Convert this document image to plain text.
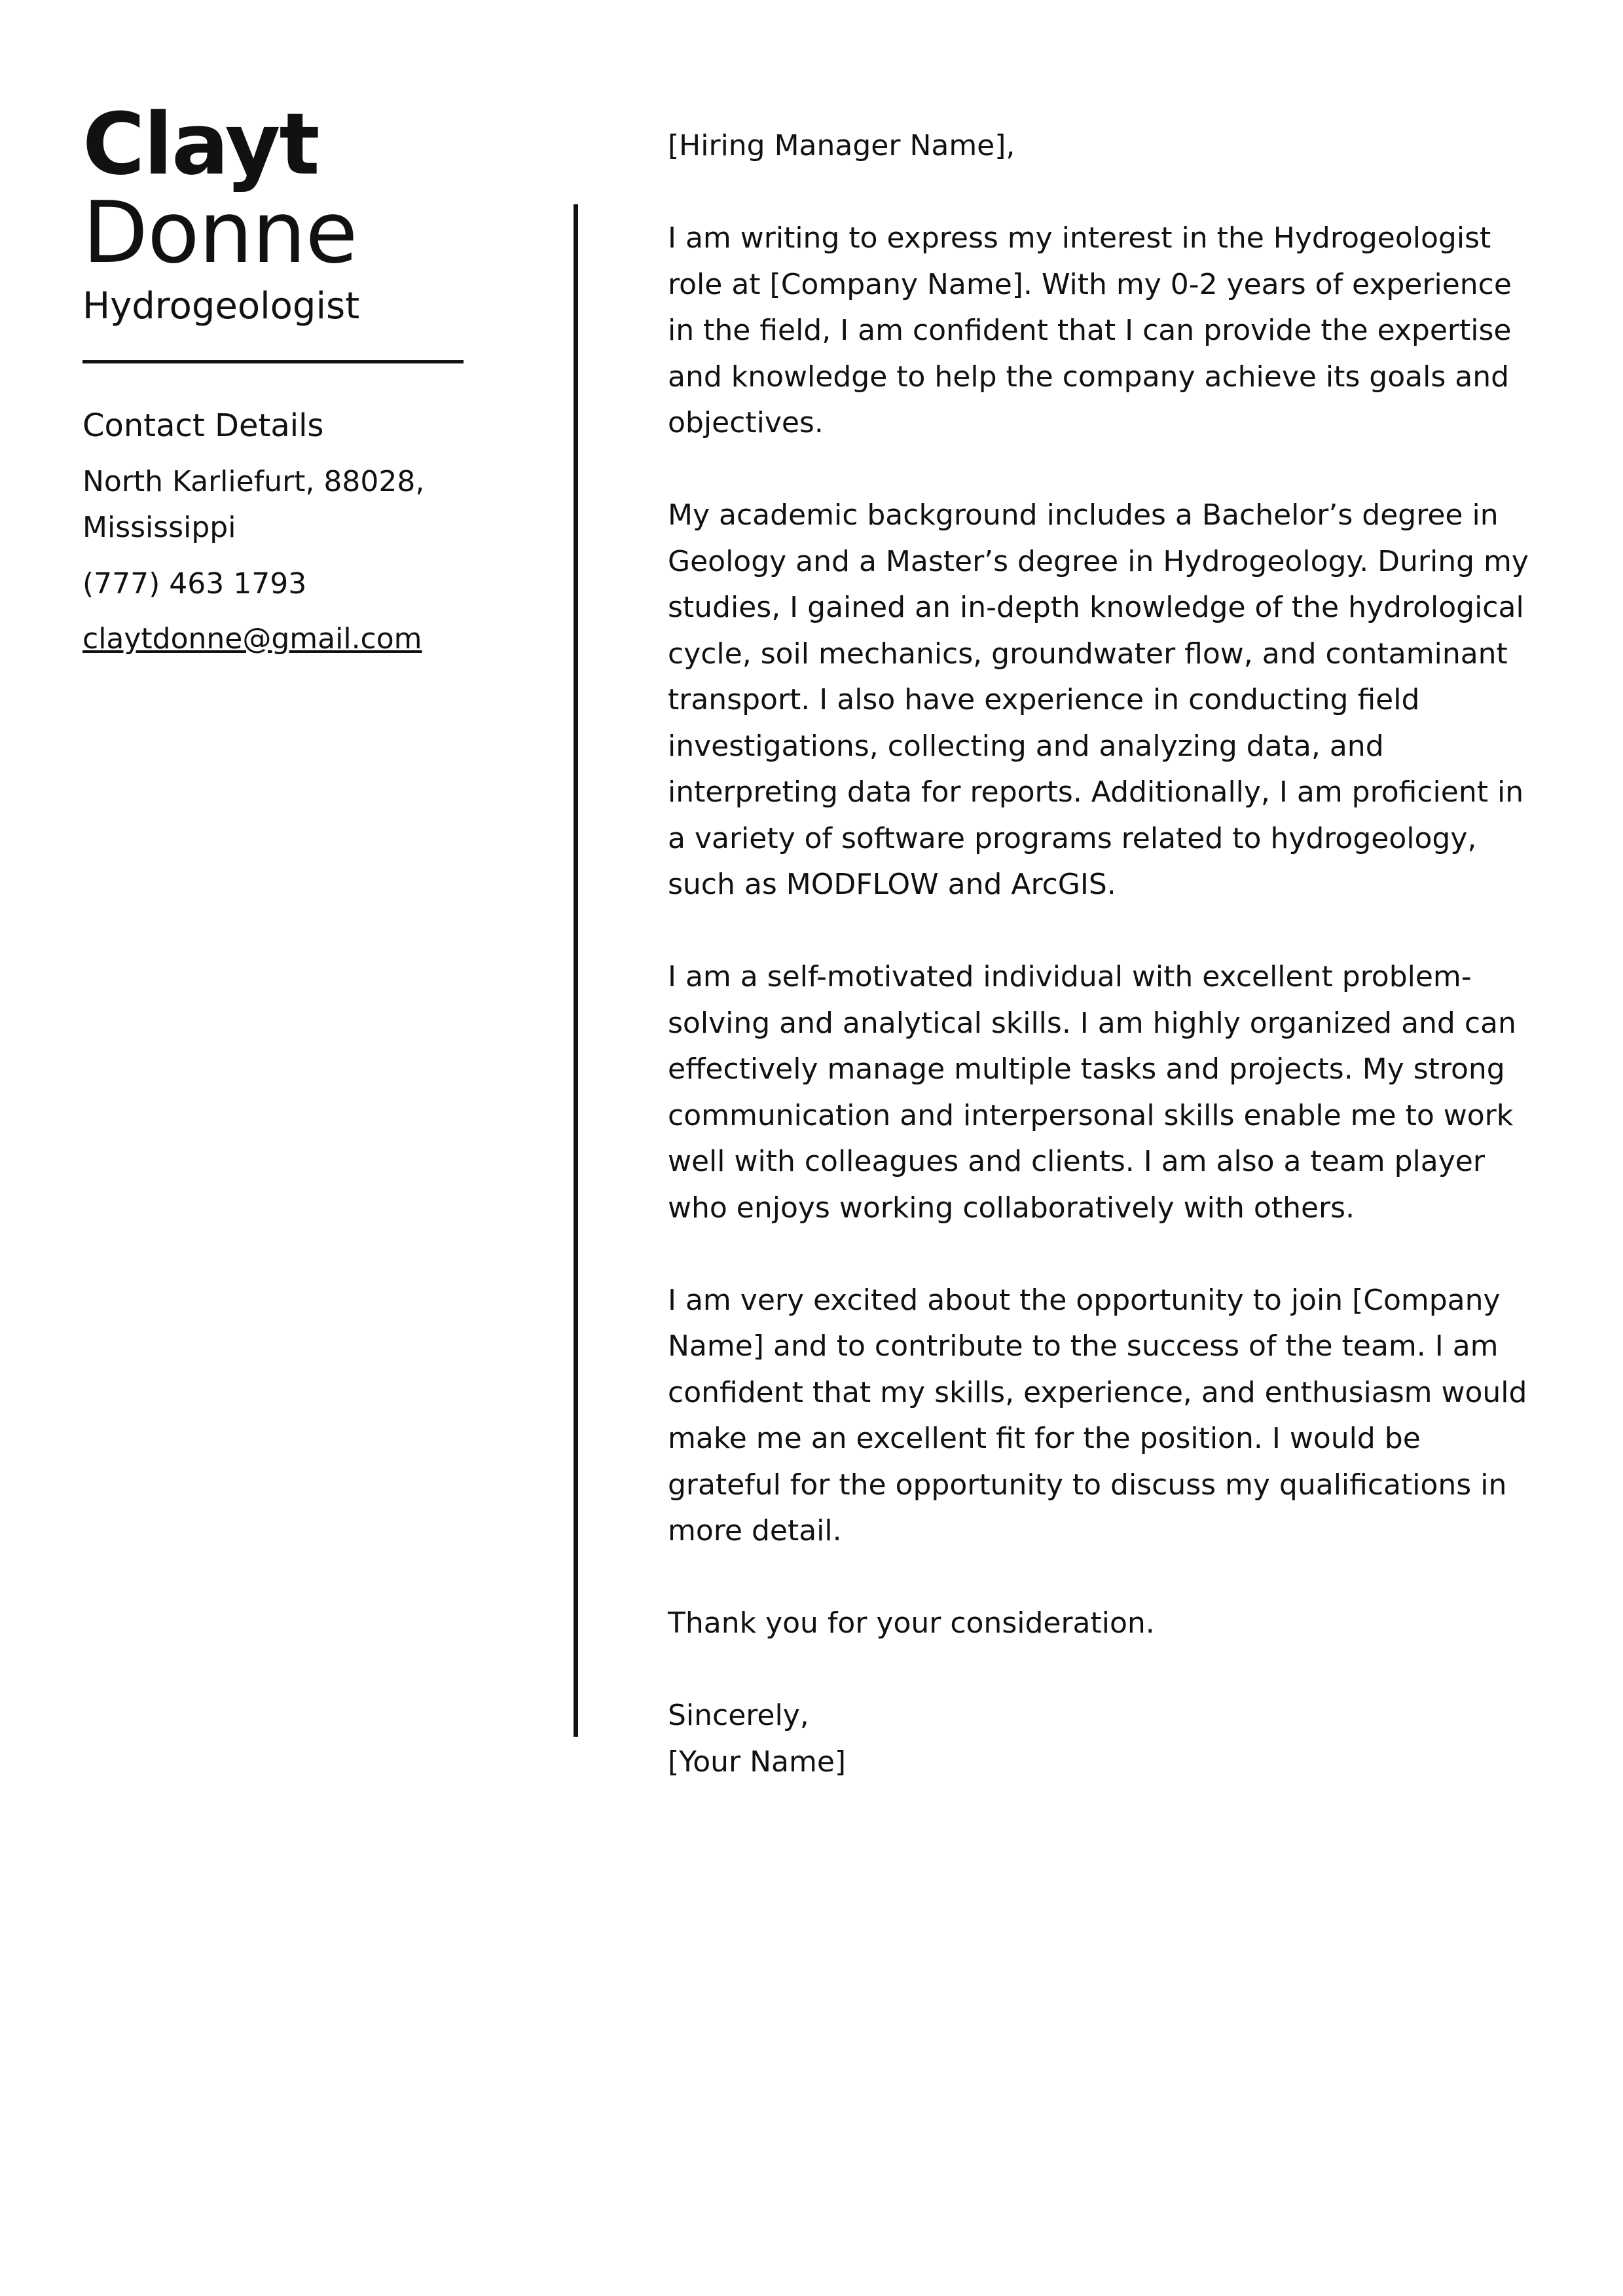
Clayt
Donne
Hydrogeologist
Contact Details
North Karliefurt, 88028, Mississippi
(777) 463 1793
claytdonne@gmail.com

[Hiring Manager Name],

I am writing to express my interest in the Hydrogeologist role at [Company Name]. With my 0-2 years of experience in the field, I am confident that I can provide the expertise and knowledge to help the company achieve its goals and objectives.

My academic background includes a Bachelor’s degree in Geology and a Master’s degree in Hydrogeology. During my studies, I gained an in-depth knowledge of the hydrological cycle, soil mechanics, groundwater flow, and contaminant transport. I also have experience in conducting field investigations, collecting and analyzing data, and interpreting data for reports. Additionally, I am proficient in a variety of software programs related to hydrogeology, such as MODFLOW and ArcGIS.

I am a self-motivated individual with excellent problem-solving and analytical skills. I am highly organized and can effectively manage multiple tasks and projects. My strong communication and interpersonal skills enable me to work well with colleagues and clients. I am also a team player who enjoys working collaboratively with others.

I am very excited about the opportunity to join [Company Name] and to contribute to the success of the team. I am confident that my skills, experience, and enthusiasm would make me an excellent fit for the position. I would be grateful for the opportunity to discuss my qualifications in more detail.

Thank you for your consideration.

Sincerely,

[Your Name]
